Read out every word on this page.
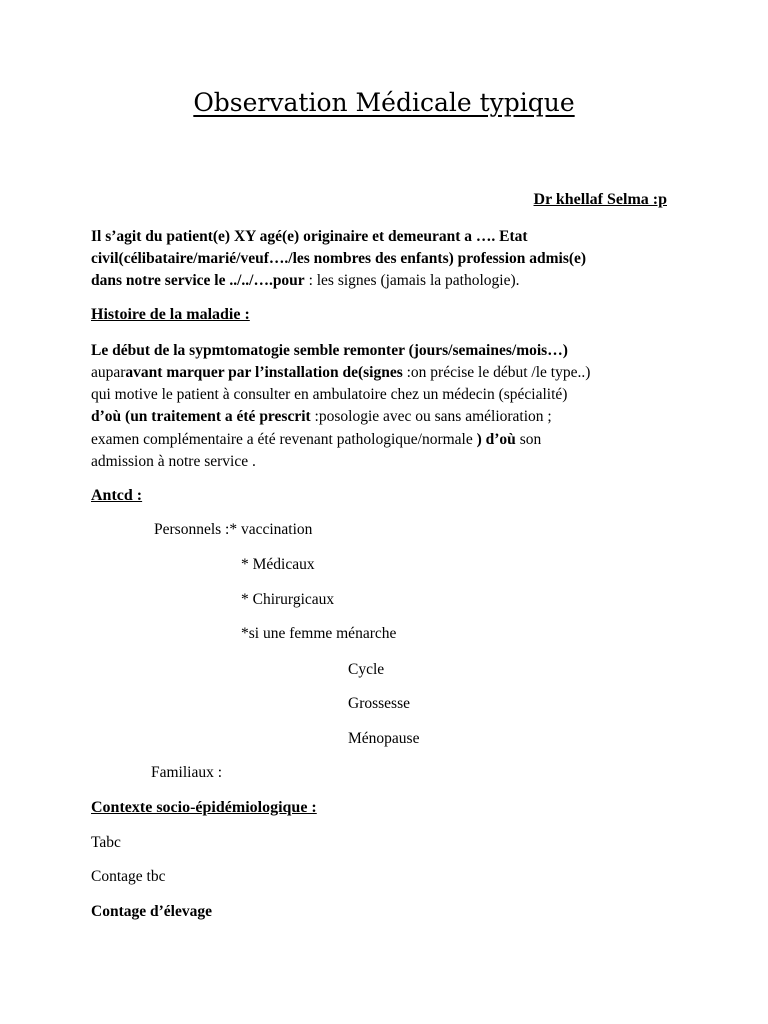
Observation Médicale typique
Dr khellaf Selma :p
Il s’agit du patient(e) XY agé(e) originaire et demeurant a …. Etat
civil(célibataire/marié/veuf…./les nombres des enfants) profession admis(e)
dans notre service le ../../….pour : les signes (jamais la pathologie).
Histoire de la maladie :
Le début de la sypmtomatogie semble remonter (jours/semaines/mois…)
auparavant marquer par l’installation de(signes :on précise le début /le type..)
qui motive le patient à consulter en ambulatoire chez un médecin (spécialité)
d’où (un traitement a été prescrit :posologie avec ou sans amélioration ;
examen complémentaire a été revenant pathologique/normale ) d’où son
admission à notre service .
Antcd :
Personnels :* vaccination
* Médicaux
* Chirurgicaux
*si une femme ménarche
Cycle
Grossesse
Ménopause
Familiaux :
Contexte socio-épidémiologique :
Tabc
Contage tbc
Contage d’élevage
